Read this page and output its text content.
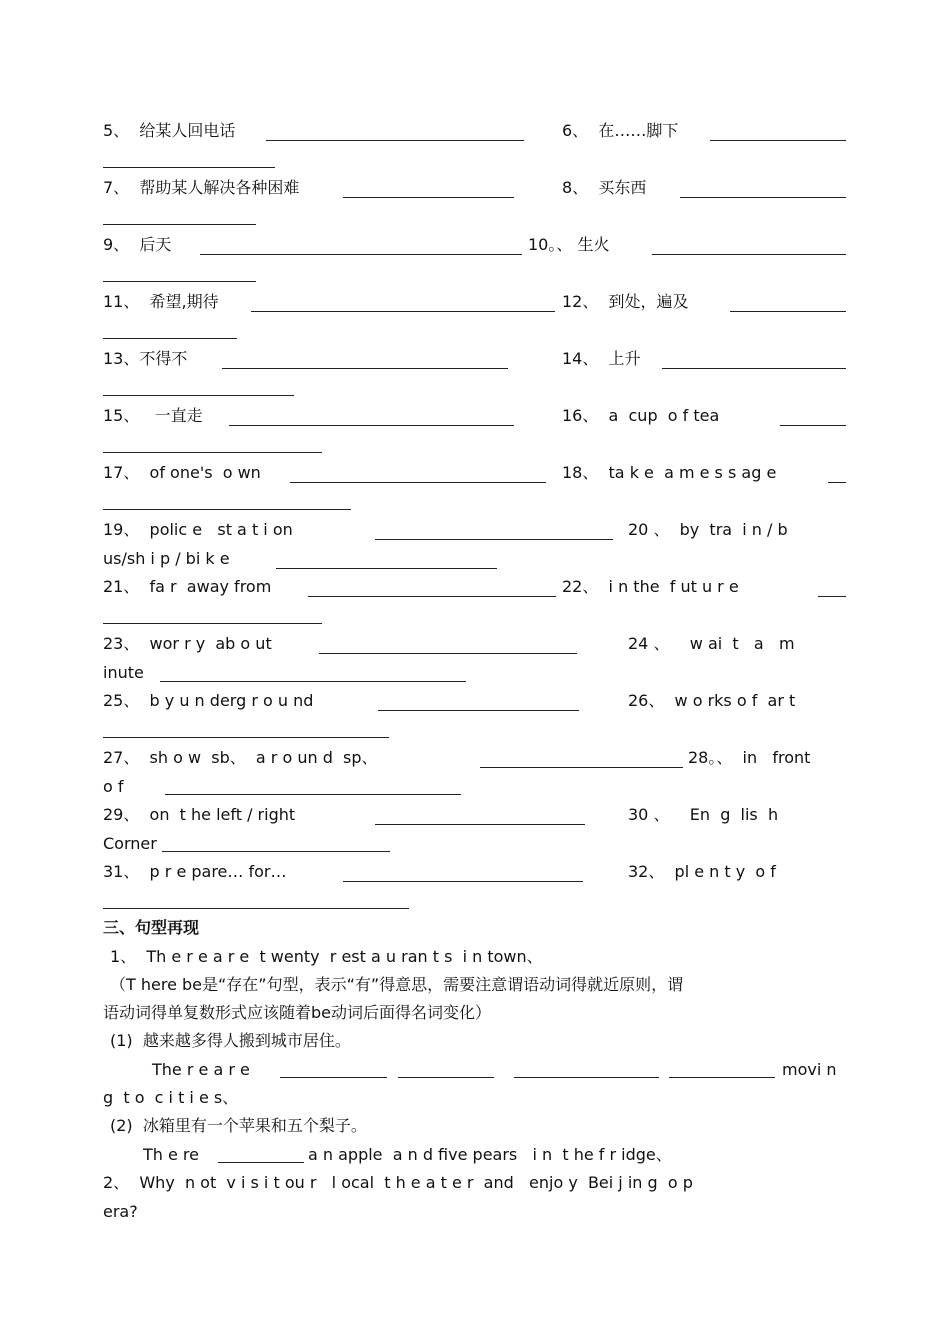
5、  给某人回电话	6、  在……脚下
7、  帮助某人解决各种困难	8、  买东西
9、  后天	10。、 生火
11、  希望,期待	12、  到处，遍及
13、不得不	14、  上升
15、   一直走	16、  a  cup  o f tea
17、  of one's  o wn	18、  ta k e  a m e s s ag e
19、  polic e   st a t i on	20 、  by  tra  i n / b
us/sh i p / bi k e
21、  fa r  away from	22、  i n the  f ut u r e
23、  wor r y  ab o ut	24 、    w ai  t   a   m
inute
25、  b y u n derg r o u nd	26、  w o rks o f  ar t
27、  sh o w  sb、  a r o un d  sp、	28。、  in   front
o f
29、  on  t he left / right	30 、    En  g  lis  h
Corner
31、  p r e pare… for…	32、  pl e n t y  o f
三、句型再现
1、  Th e r e a r e  t wenty  r est a u ran t s  i n town、
（T here be是“存在”句型，表示“有”得意思，需要注意谓语动词得就近原则，谓
语动词得单复数形式应该随着be动词后面得名词变化）
(1)  越来越多得人搬到城市居住。
The r e a r e	movi n
g  t o  c i t i e s、
(2)  冰箱里有一个苹果和五个梨子。
Th e re	a n apple  a n d five pears   i n  t he f r idge、
2、  Why  n ot  v i s i t ou r   l ocal  t h e a t e r  and   enjo y  Bei j in g  o p
era?
